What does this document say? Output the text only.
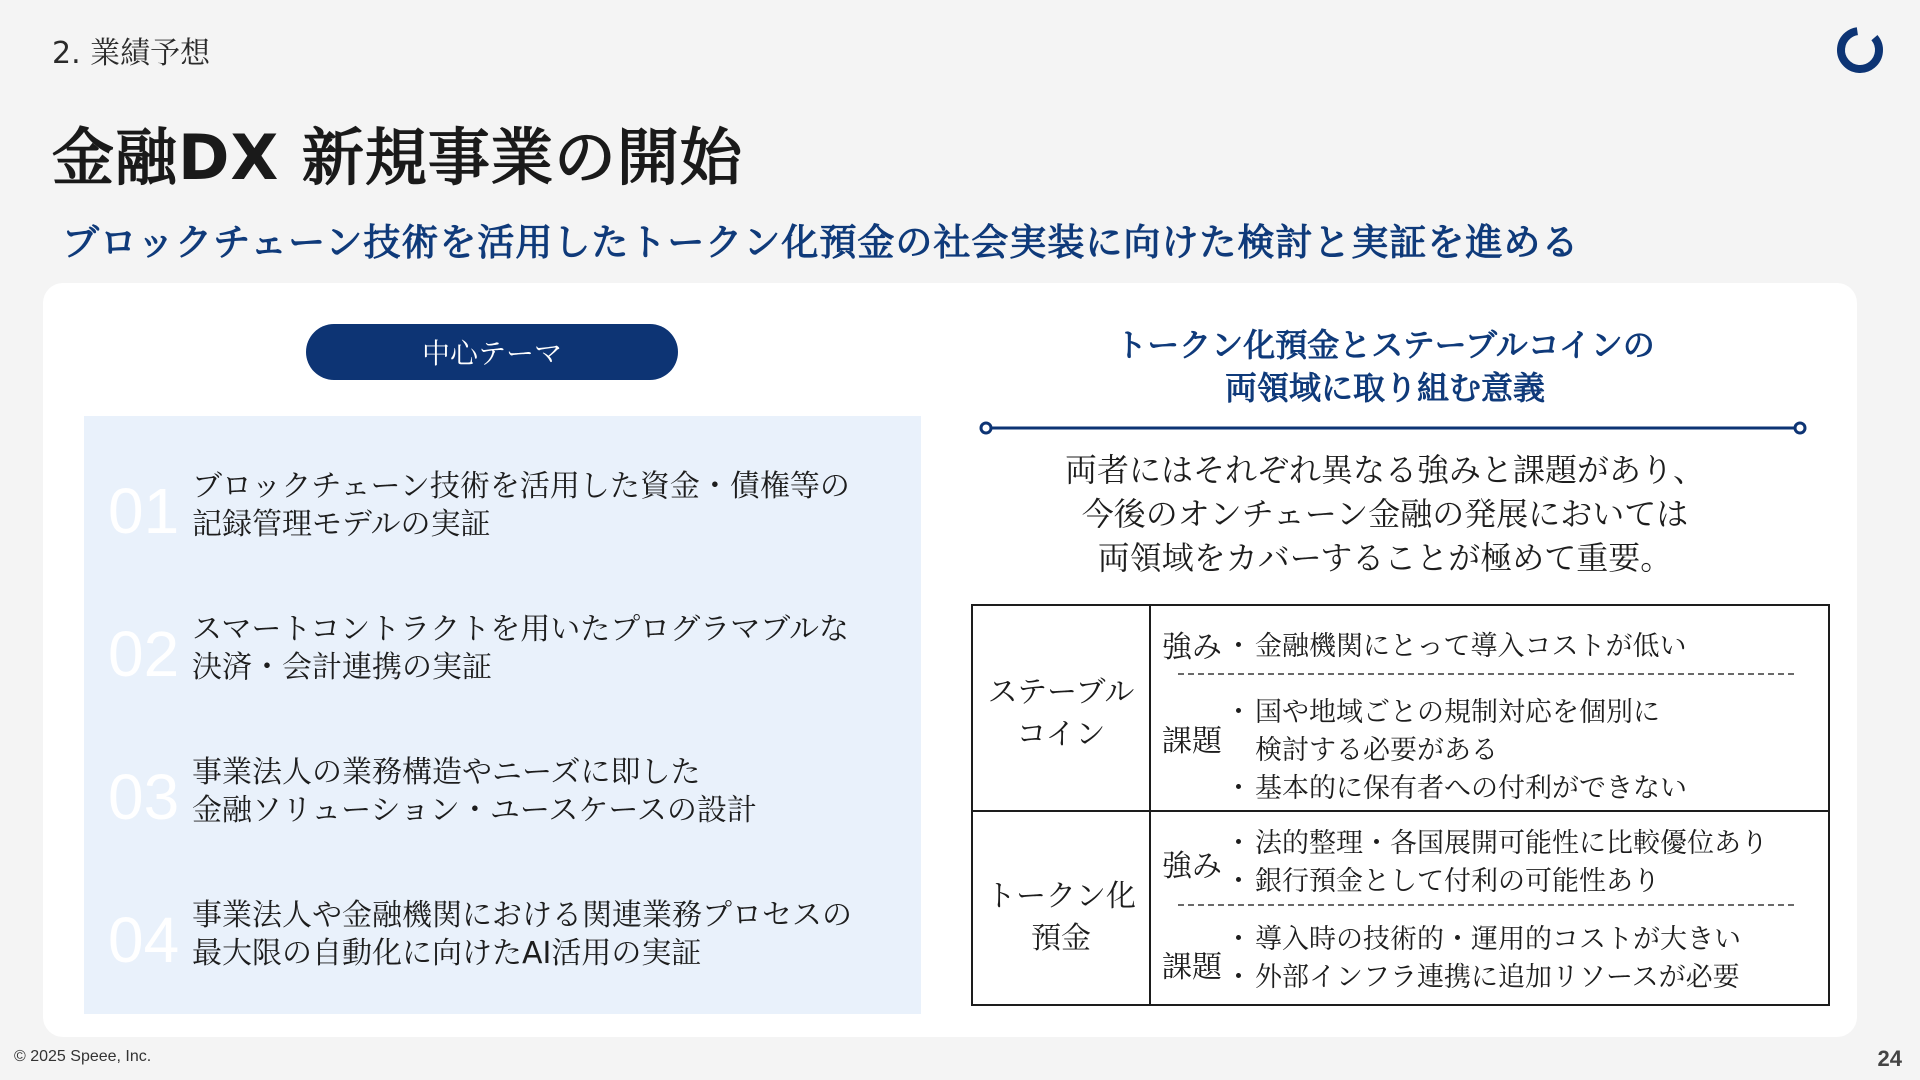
2. 業績予想
金融DX 新規事業の開始
ブロックチェーン技術を活用したトークン化預金の社会実装に向けた検討と実証を進める
中心テーマ
01 ブロックチェーン技術を活用した資金・債権等の
記録管理モデルの実証
02 スマートコントラクトを用いたプログラマブルな
決済・会計連携の実証
03 事業法人の業務構造やニーズに即した
金融ソリューション・ユースケースの設計
04 事業法人や金融機関における関連業務プロセスの
最大限の自動化に向けたAI活用の実証
トークン化預金とステーブルコインの
両領域に取り組む意義
両者にはそれぞれ異なる強みと課題があり、
今後のオンチェーン金融の発展においては
両領域をカバーすることが極めて重要。
ステーブル
コイン
強み
・ 金融機関にとって導入コストが低い
課題
・ 国や地域ごとの規制対応を個別に
検討する必要がある
・ 基本的に保有者への付利ができない
トークン化
預金
強み
・ 法的整理・各国展開可能性に比較優位あり
・ 銀行預金として付利の可能性あり
課題
・ 導入時の技術的・運用的コストが大きい
・ 外部インフラ連携に追加リソースが必要
© 2025 Speee, Inc.	24
